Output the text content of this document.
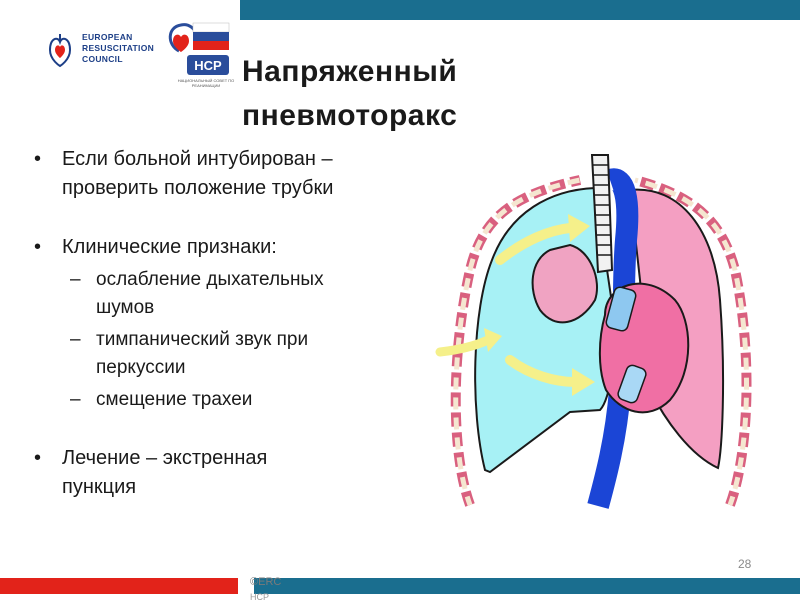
EUROPEAN
RESUSCITATION
COUNCIL	НСР
НАЦИОНАЛЬНЫЙ СОВЕТ ПО РЕАНИМАЦИИ Напряженный
пневмоторакс
• Если больной интубирован –
проверить положение трубки
• Клинические признаки:
– ослабление дыхательных
шумов
– тимпанический звук при
перкуссии
– смещение трахеи
• Лечение – экстренная
пункция
28
©ERC
НСР
